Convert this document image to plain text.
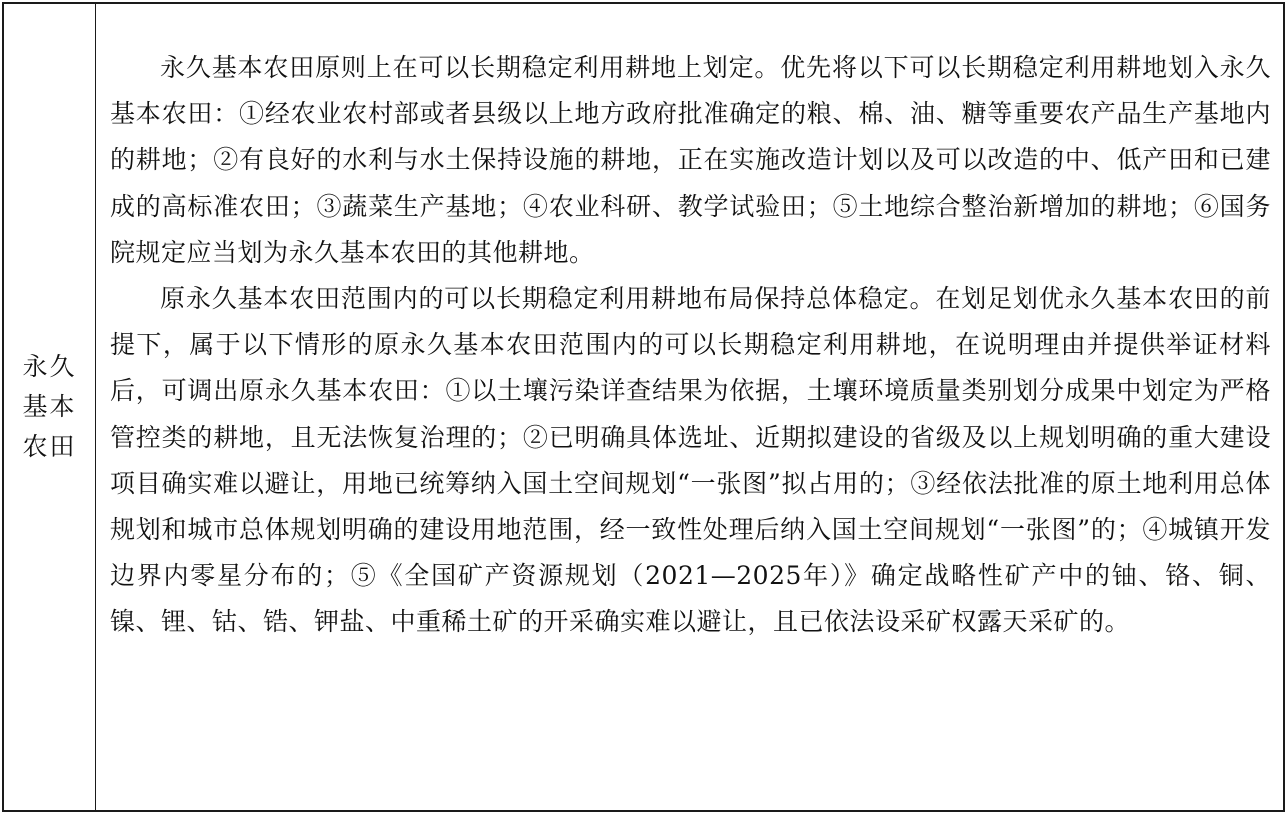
永久基本农田

永久基本农田原则上在可以长期稳定利用耕地上划定。优先将以下可以长期稳定利用耕地划入永久基本农田：①经农业农村部或者县级以上地方政府批准确定的粮、棉、油、糖等重要农产品生产基地内的耕地；②有良好的水利与水土保持设施的耕地，正在实施改造计划以及可以改造的中、低产田和已建成的高标准农田；③蔬菜生产基地；④农业科研、教学试验田；⑤土地综合整治新增加的耕地；⑥国务院规定应当划为永久基本农田的其他耕地。

原永久基本农田范围内的可以长期稳定利用耕地布局保持总体稳定。在划足划优永久基本农田的前提下，属于以下情形的原永久基本农田范围内的可以长期稳定利用耕地，在说明理由并提供举证材料后，可调出原永久基本农田：①以土壤污染详查结果为依据，土壤环境质量类别划分成果中划定为严格管控类的耕地，且无法恢复治理的；②已明确具体选址、近期拟建设的省级及以上规划明确的重大建设项目确实难以避让，用地已统筹纳入国土空间规划“一张图”拟占用的；③经依法批准的原土地利用总体规划和城市总体规划明确的建设用地范围，经一致性处理后纳入国土空间规划“一张图”的；④城镇开发边界内零星分布的；⑤《全国矿产资源规划（2021—2025年）》确定战略性矿产中的铀、铬、铜、镍、锂、钴、锆、钾盐、中重稀土矿的开采确实难以避让，且已依法设采矿权露天采矿的。
